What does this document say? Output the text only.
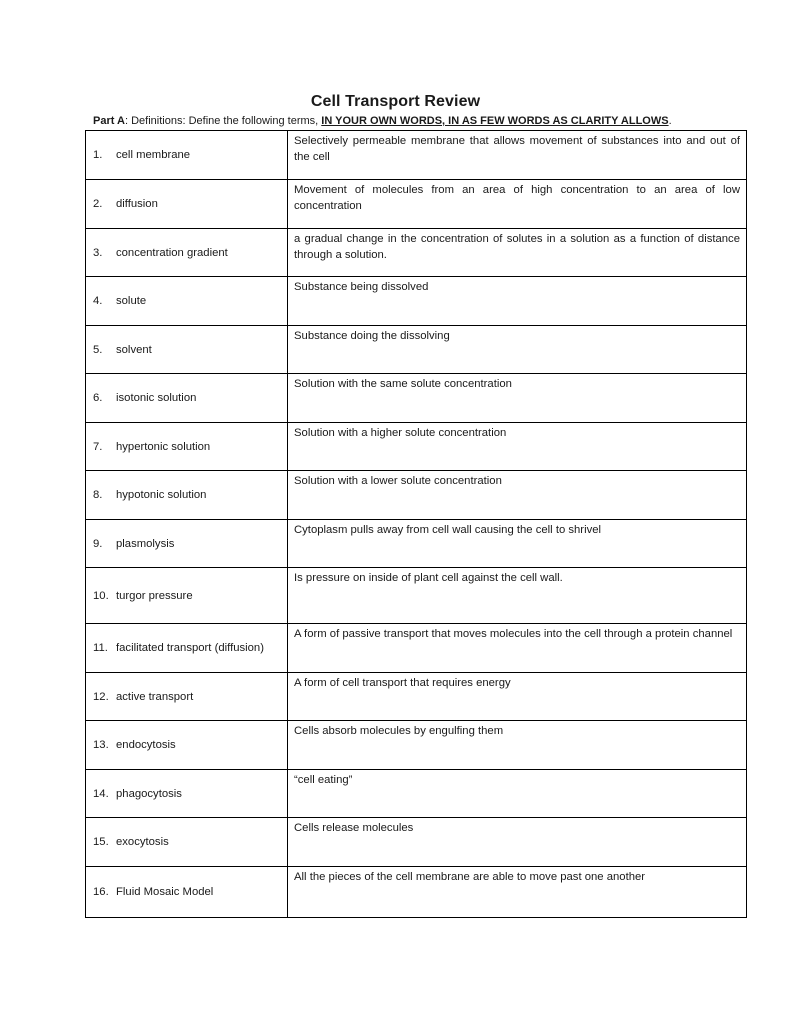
Cell Transport Review
Part A: Definitions: Define the following terms, IN YOUR OWN WORDS, IN AS FEW WORDS AS CLARITY ALLOWS.
1. cell membrane	Selectively permeable membrane that allows movement of substances into and out of the cell
2. diffusion	Movement of molecules from an area of high concentration to an area of low concentration
3. concentration gradient	a gradual change in the concentration of solutes in a solution as a function of distance through a solution.
4. solute	Substance being dissolved
5. solvent	Substance doing the dissolving
6. isotonic solution	Solution with the same solute concentration
7. hypertonic solution	Solution with a higher solute concentration
8. hypotonic solution	Solution with a lower solute concentration
9. plasmolysis	Cytoplasm pulls away from cell wall causing the cell to shrivel
10. turgor pressure	Is pressure on inside of plant cell against the cell wall.
11. facilitated transport (diffusion)	A form of passive transport that moves molecules into the cell through a protein channel
12. active transport	A form of cell transport that requires energy
13. endocytosis	Cells absorb molecules by engulfing them
14. phagocytosis	“cell eating”
15. exocytosis	Cells release molecules
16. Fluid Mosaic Model	All the pieces of the cell membrane are able to move past one another
